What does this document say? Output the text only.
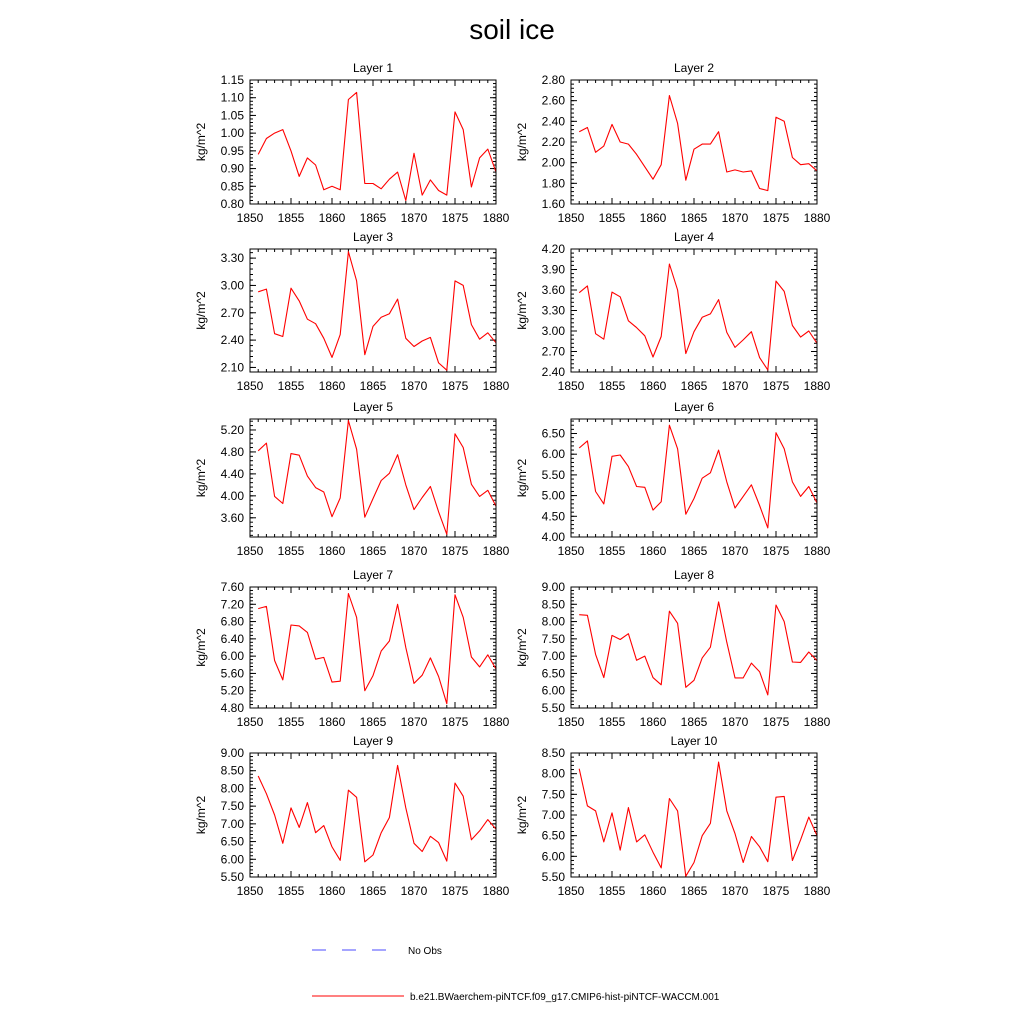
soil ice
Layer 1
kg/m^2
1850 1855 1860 1865 1870 1875 1880
0.80
0.85
0.90
0.95
1.00
1.05
1.10
1.15
Layer 2
kg/m^2
1850 1855 1860 1865 1870 1875 1880
1.60
1.80
2.00
2.20
2.40
2.60
2.80
Layer 3
kg/m^2
1850 1855 1860 1865 1870 1875 1880
2.10
2.40
2.70
3.00
3.30
Layer 4
kg/m^2
1850 1855 1860 1865 1870 1875 1880
2.40
2.70
3.00
3.30
3.60
3.90
4.20
Layer 5
kg/m^2
1850 1855 1860 1865 1870 1875 1880
3.60
4.00
4.40
4.80
5.20
Layer 6
kg/m^2
1850 1855 1860 1865 1870 1875 1880
4.00
4.50
5.00
5.50
6.00
6.50
Layer 7
kg/m^2
1850 1855 1860 1865 1870 1875 1880
4.80
5.20
5.60
6.00
6.40
6.80
7.20
7.60
Layer 8
kg/m^2
1850 1855 1860 1865 1870 1875 1880
5.50
6.00
6.50
7.00
7.50
8.00
8.50
9.00
Layer 9
kg/m^2
1850 1855 1860 1865 1870 1875 1880
5.50
6.00
6.50
7.00
7.50
8.00
8.50
9.00
Layer 10
kg/m^2
1850 1855 1860 1865 1870 1875 1880
5.50
6.00
6.50
7.00
7.50
8.00
8.50
No Obs
b.e21.BWaerchem-piNTCF.f09_g17.CMIP6-hist-piNTCF-WACCM.001
